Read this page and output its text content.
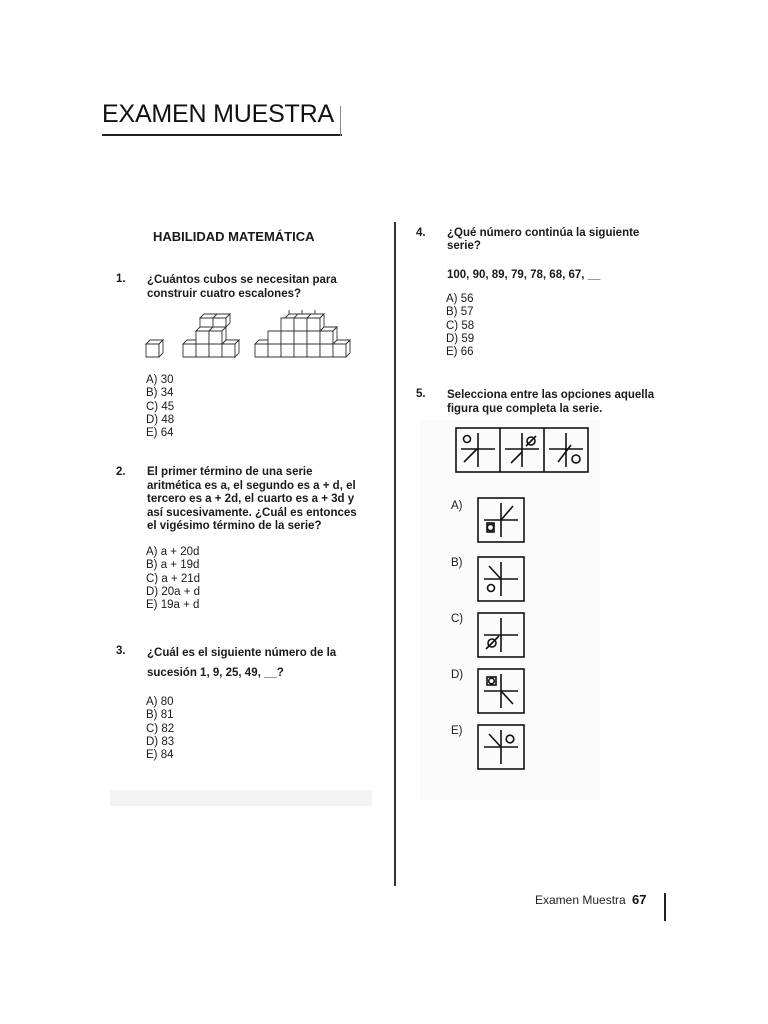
EXAMEN MUESTRA
HABILIDAD MATEMÁTICA
1. ¿Cuántos cubos se necesitan para
construir cuatro escalones?
A) 30
B) 34
C) 45
D) 48
E) 64
2. El primer término de una serie
aritmética es a, el segundo es a + d, el
tercero es a + 2d, el cuarto es a + 3d y
así sucesivamente. ¿Cuál es entonces
el vigésimo término de la serie?
A) a + 20d
B) a + 19d
C) a + 21d
D) 20a + d
E) 19a + d
3. ¿Cuál es el siguiente número de la
sucesión 1, 9, 25, 49, __?
A) 80
B) 81
C) 82
D) 83
E) 84
4. ¿Qué número continúa la siguiente
serie?
100, 90, 89, 79, 78, 68, 67, __
A) 56
B) 57
C) 58
D) 59
E) 66
5. Selecciona entre las opciones aquella
figura que completa la serie.
A)
B)
C)
D)
E)
Examen Muestra 67
